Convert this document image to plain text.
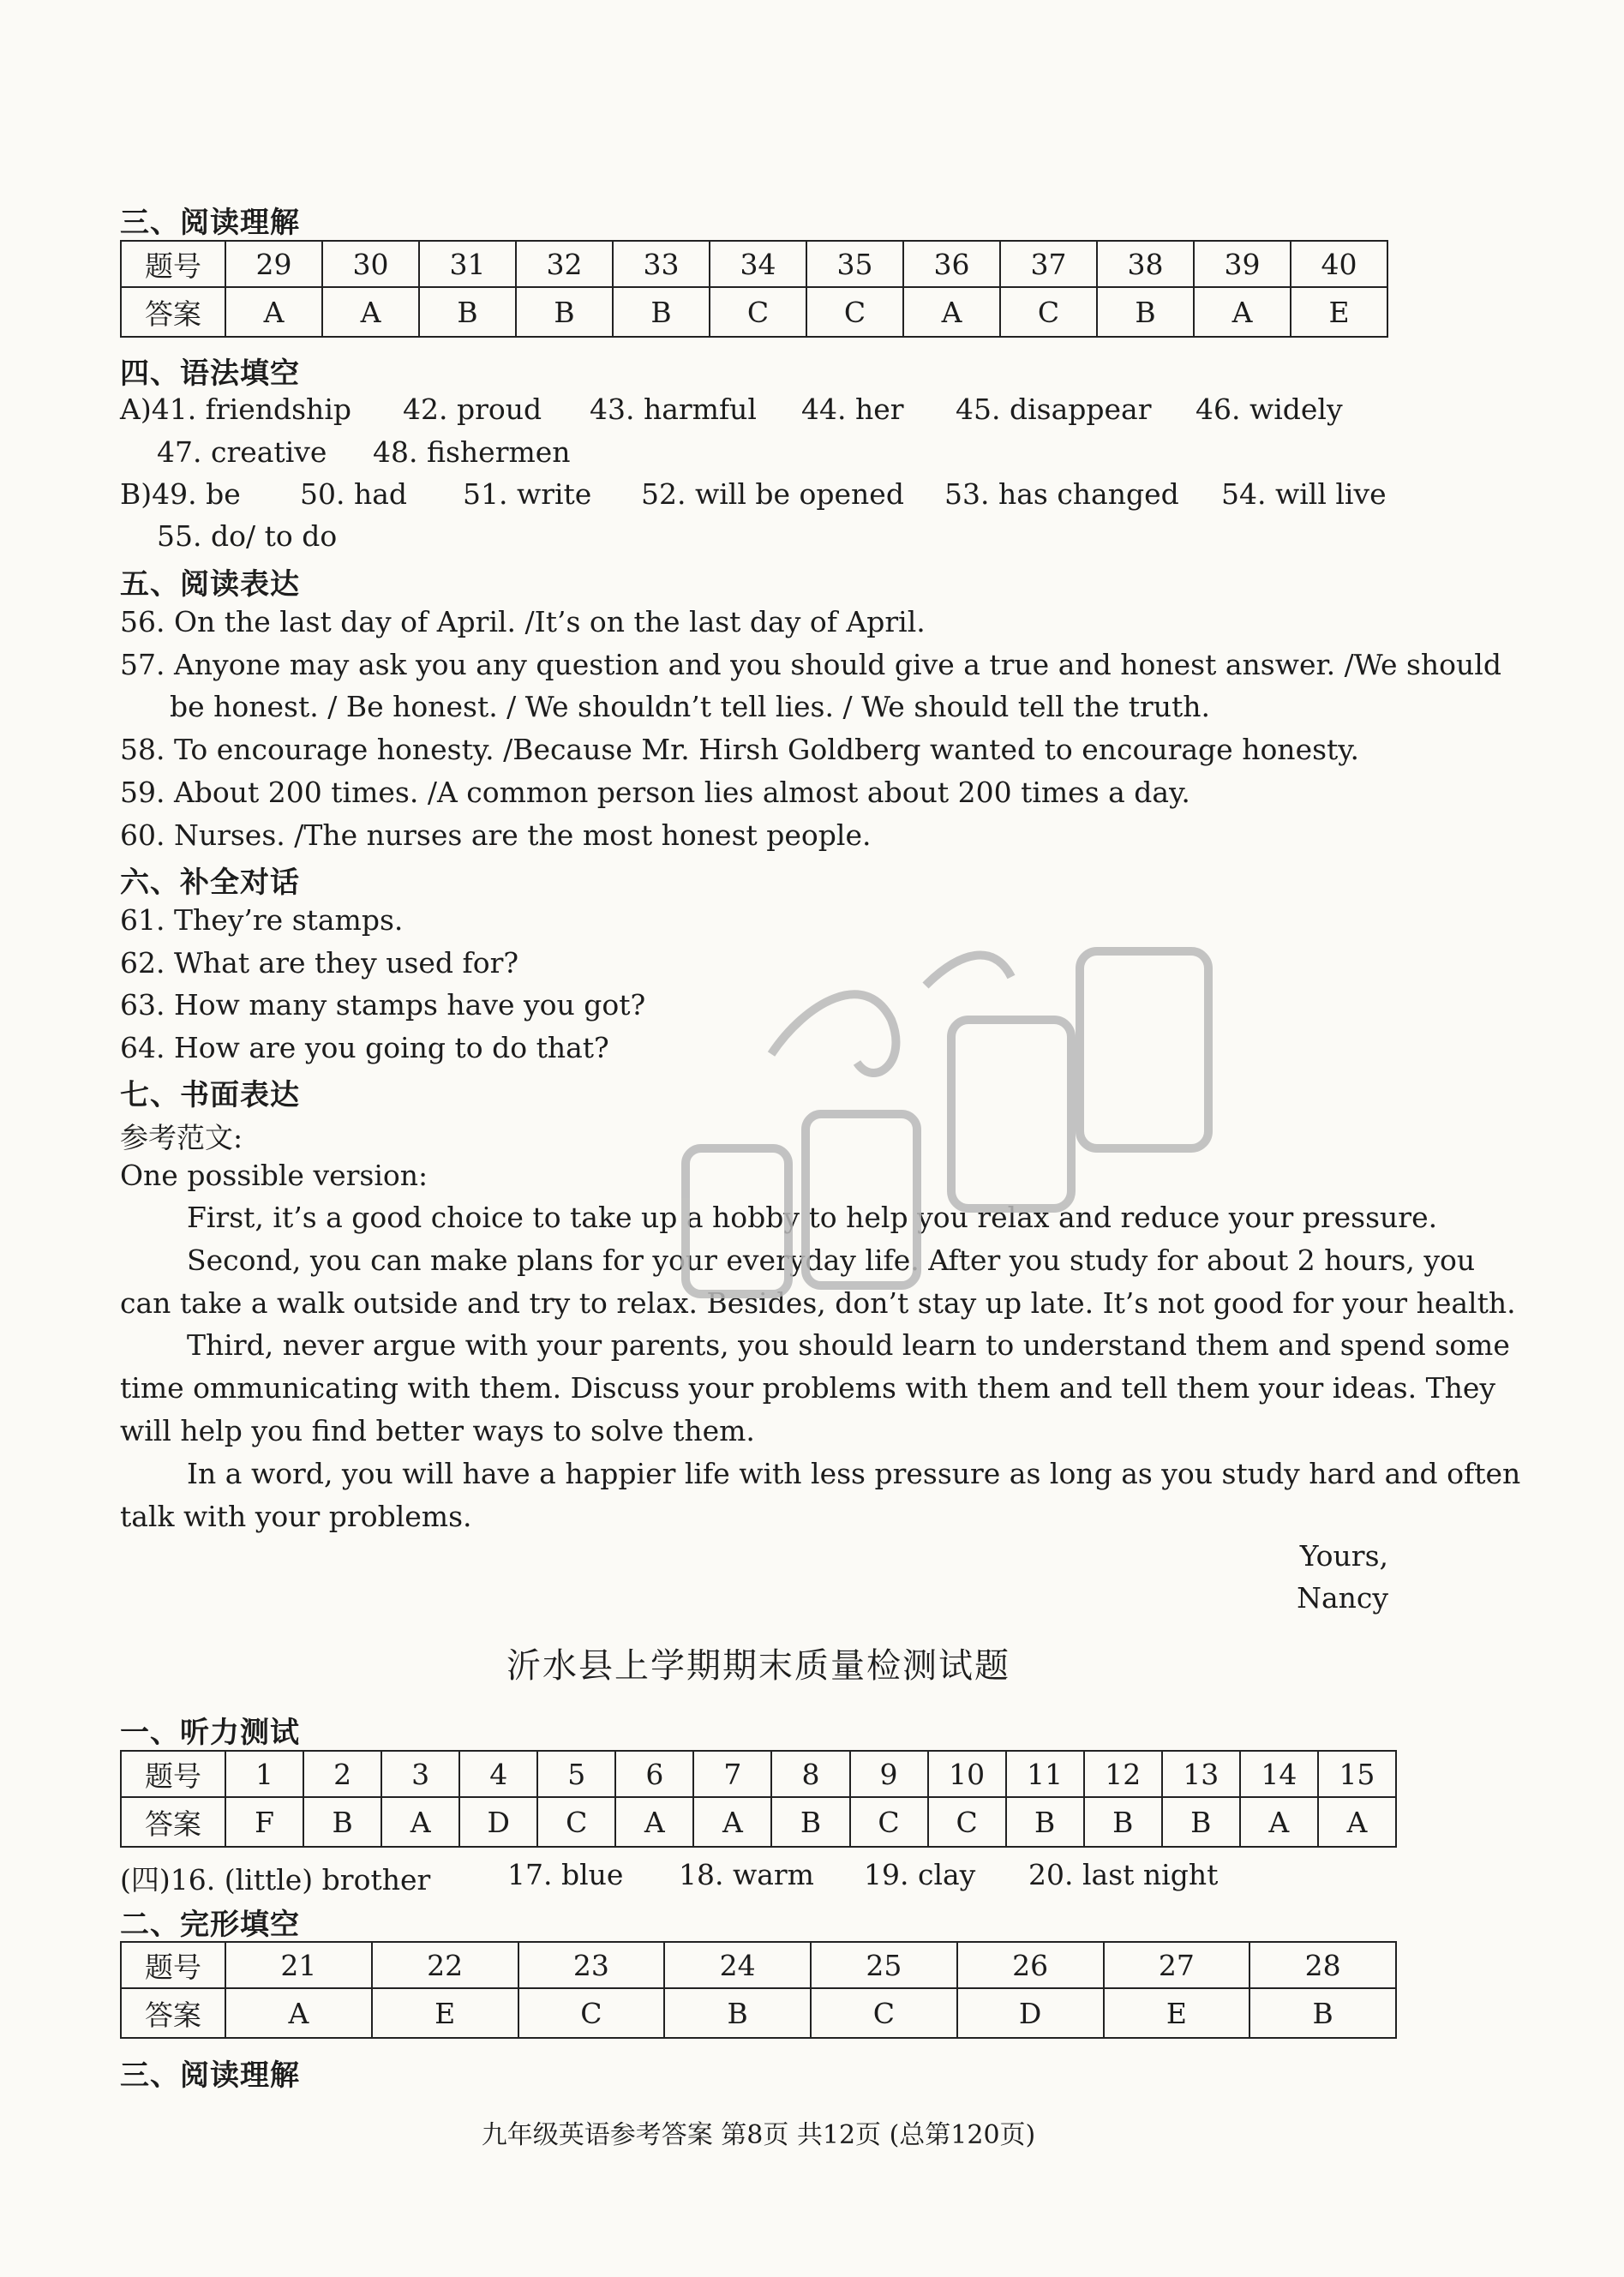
三、阅读理解
题号	29	30	31	32	33	34	35	36	37	38	39	40
答案	A	A	B	B	B	C	C	A	C	B	A	E
四、语法填空
A)41. friendship 42. proud 43. harmful 44. her 45. disappear 46. widely
47. creative 48. fishermen
B)49. be 50. had 51. write 52. will be opened 53. has changed 54. will live
55. do/ to do
五、阅读表达
56. On the last day of April. /It’s on the last day of April.
57. Anyone may ask you any question and you should give a true and honest answer. /We should
be honest. / Be honest. / We shouldn’t tell lies. / We should tell the truth.
58. To encourage honesty. /Because Mr. Hirsh Goldberg wanted to encourage honesty.
59. About 200 times. /A common person lies almost about 200 times a day.
60. Nurses. /The nurses are the most honest people.
六、补全对话
61. They’re stamps.
62. What are they used for?
63. How many stamps have you got?
64. How are you going to do that?
七、书面表达
参考范文:
One possible version:
First, it’s a good choice to take up a hobby to help you relax and reduce your pressure.
Second, you can make plans for your everyday life. After you study for about 2 hours, you
can take a walk outside and try to relax. Besides, don’t stay up late. It’s not good for your health.
Third, never argue with your parents, you should learn to understand them and spend some
time ommunicating with them. Discuss your problems with them and tell them your ideas. They
will help you find better ways to solve them.
In a word, you will have a happier life with less pressure as long as you study hard and often
talk with your problems.
Yours,
Nancy
沂水县上学期期末质量检测试题
一、听力测试
题号	1	2	3	4	5	6	7	8	9	10	11	12	13	14	15
答案	F	B	A	D	C	A	A	B	C	C	B	B	B	A	A
(四)16. (little) brother	17. blue 18. warm 19. clay 20. last night
二、完形填空
题号	21	22	23	24	25	26	27	28
答案	A	E	C	B	C	D	E	B
三、阅读理解
九年级英语参考答案 第8页 共12页 (总第120页)
